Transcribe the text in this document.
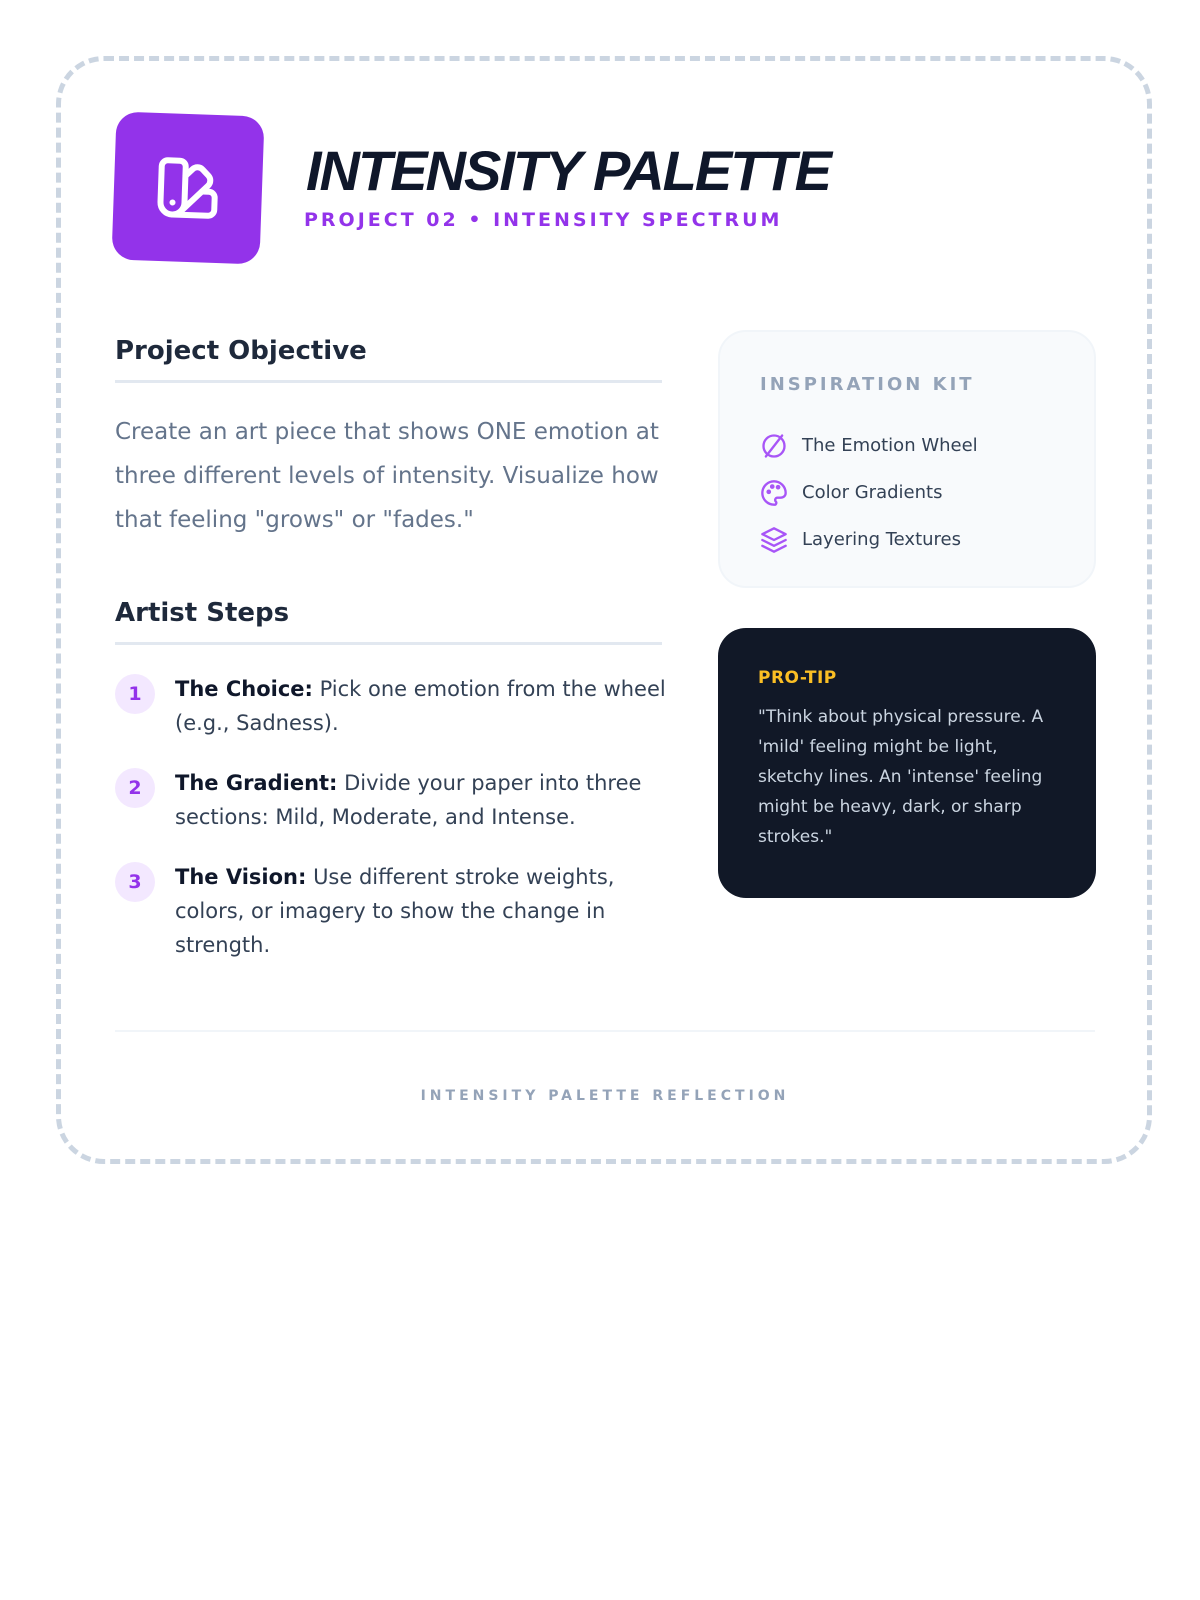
INTENSITY PALETTE
PROJECT 02 • INTENSITY SPECTRUM
Project Objective

Create an art piece that shows ONE emotion at three different levels of intensity. Visualize how that feeling "grows" or "fades."

Artist Steps
1	The Choice: Pick one emotion from the wheel (e.g., Sadness).
2	The Gradient: Divide your paper into three sections: Mild, Moderate, and Intense.
3	The Vision: Use different stroke weights, colors, or imagery to show the change in strength.
INSPIRATION KIT
The Emotion Wheel
Color Gradients
Layering Textures
PRO-TIP

"Think about physical pressure. A 'mild' feeling might be light, sketchy lines. An 'intense' feeling might be heavy, dark, or sharp strokes."

INTENSITY PALETTE REFLECTION
